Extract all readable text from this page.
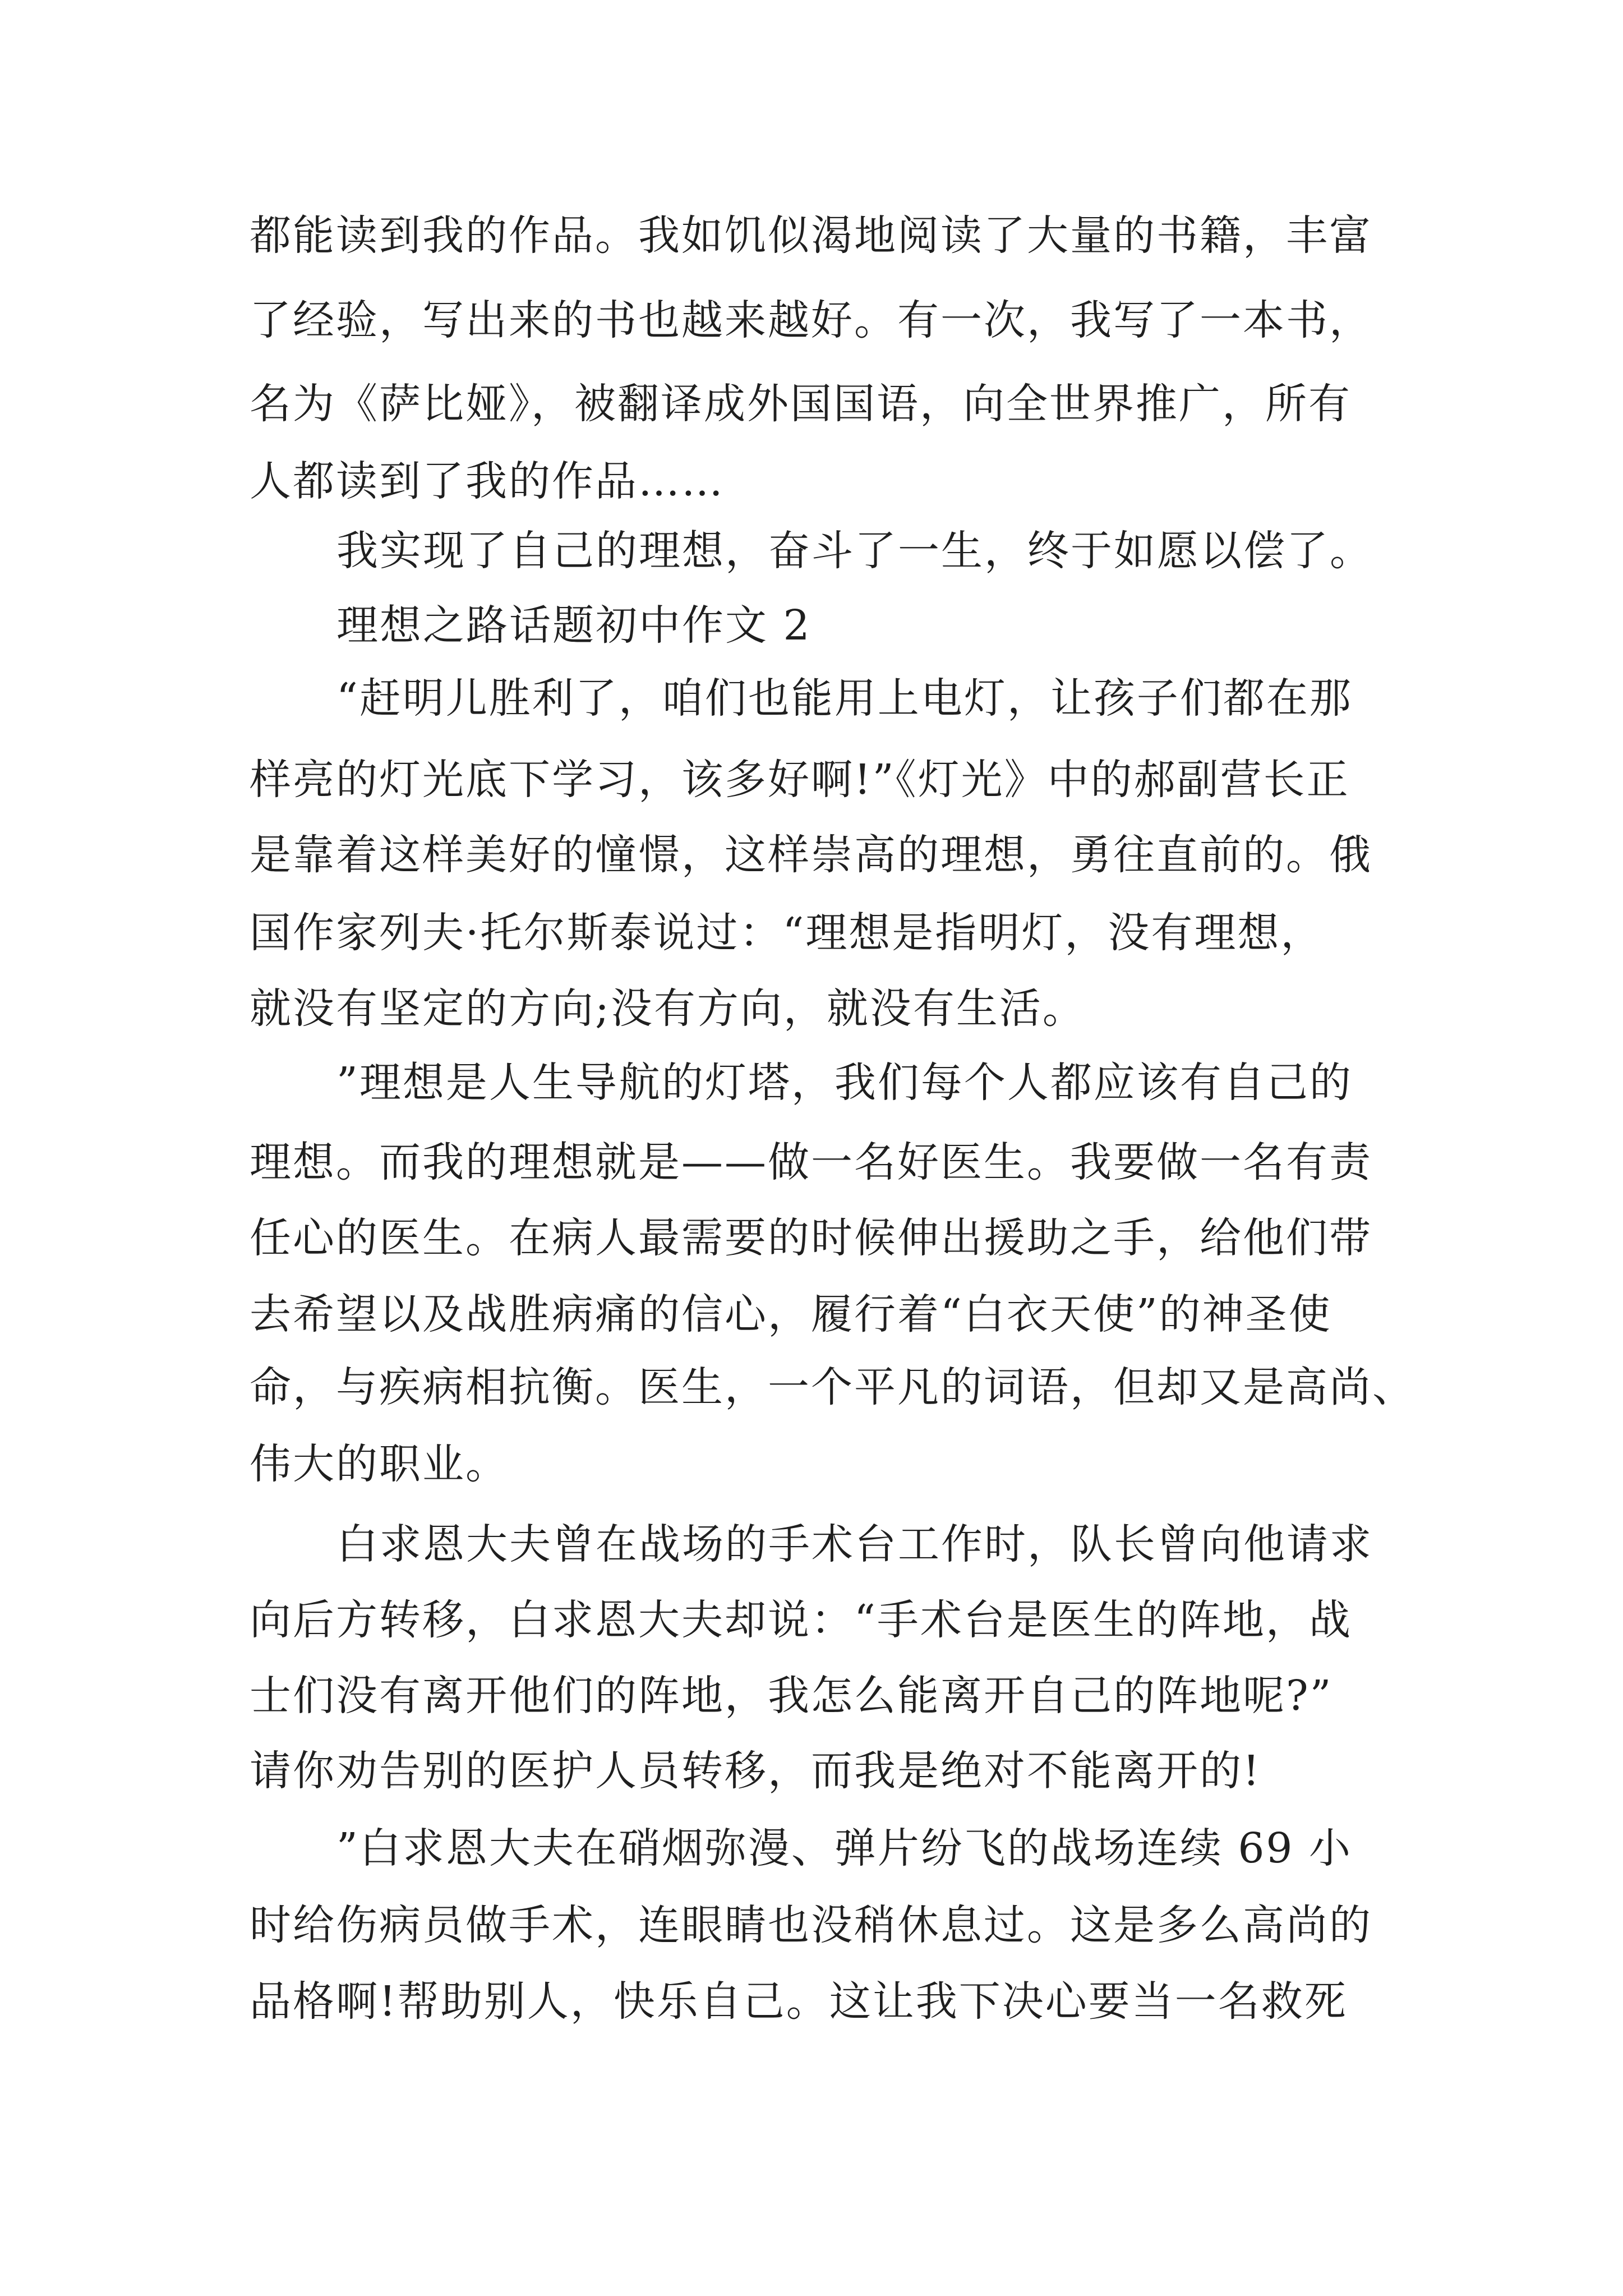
都能读到我的作品。我如饥似渴地阅读了大量的书籍，丰富

了经验，写出来的书也越来越好。有一次，我写了一本书，

名为《萨比娅》，被翻译成外国国语，向全世界推广，所有

人都读到了我的作品……

我实现了自己的理想，奋斗了一生，终于如愿以偿了。

理想之路话题初中作文 2

“赶明儿胜利了，咱们也能用上电灯，让孩子们都在那

样亮的灯光底下学习，该多好啊!”《灯光》中的郝副营长正

是靠着这样美好的憧憬，这样崇高的理想，勇往直前的。俄

国作家列夫·托尔斯泰说过：“理想是指明灯，没有理想，

就没有坚定的方向;没有方向，就没有生活。

”理想是人生导航的灯塔，我们每个人都应该有自己的

理想。而我的理想就是——做一名好医生。我要做一名有责

任心的医生。在病人最需要的时候伸出援助之手，给他们带

去希望以及战胜病痛的信心，履行着“白衣天使”的神圣使

命，与疾病相抗衡。医生，一个平凡的词语，但却又是高尚、

伟大的职业。

白求恩大夫曾在战场的手术台工作时，队长曾向他请求

向后方转移，白求恩大夫却说：“手术台是医生的阵地，战

士们没有离开他们的阵地，我怎么能离开自己的阵地呢?”

请你劝告别的医护人员转移，而我是绝对不能离开的!

”白求恩大夫在硝烟弥漫、弹片纷飞的战场连续 69 小

时给伤病员做手术，连眼睛也没稍休息过。这是多么高尚的

品格啊!帮助别人，快乐自己。这让我下决心要当一名救死
